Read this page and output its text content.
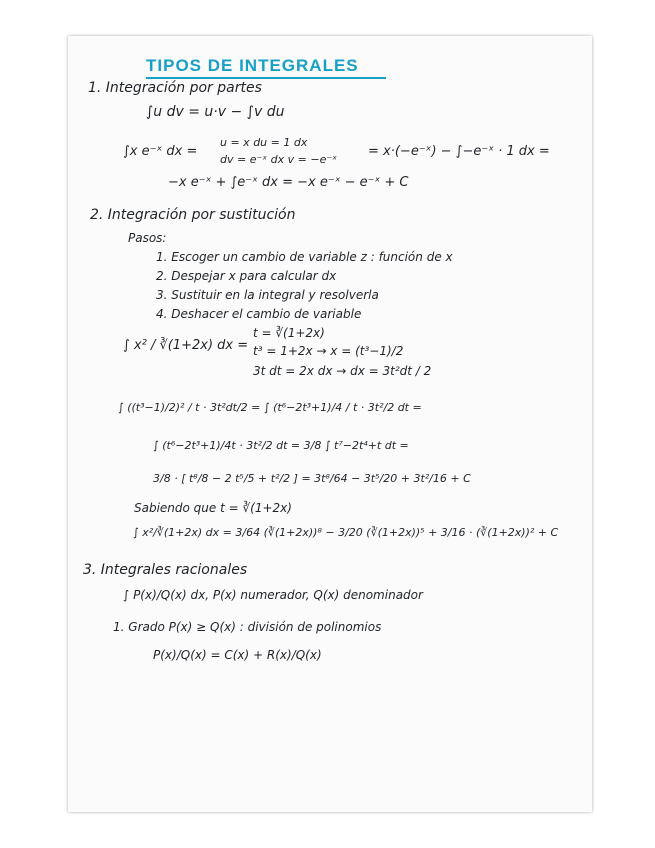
TIPOS DE INTEGRALES
1. Integración por partes
∫u dv = u·v − ∫v du
∫x e⁻ˣ dx =
u = x du = 1 dx
dv = e⁻ˣ dx v = −e⁻ˣ
= x·(−e⁻ˣ) − ∫−e⁻ˣ · 1 dx =
−x e⁻ˣ + ∫e⁻ˣ dx = −x e⁻ˣ − e⁻ˣ + C
2. Integración por sustitución
Pasos:
1. Escoger un cambio de variable z : función de x
2. Despejar x para calcular dx
3. Sustituir en la integral y resolverla
4. Deshacer el cambio de variable
∫ x² / ∛(1+2x) dx =
t = ∛(1+2x)
t³ = 1+2x → x = (t³−1)/2
3t dt = 2x dx → dx = 3t²dt / 2
∫ ((t³−1)/2)² / t · 3t²dt/2 = ∫ (t⁶−2t³+1)/4 / t · 3t²/2 dt =
∫ (t⁶−2t³+1)/4t · 3t²/2 dt = 3/8 ∫ t⁷−2t⁴+t dt =
3/8 · [ t⁸/8 − 2 t⁵/5 + t²/2 ] = 3t⁸/64 − 3t⁵/20 + 3t²/16 + C
Sabiendo que t = ∛(1+2x)
∫ x²/∛(1+2x) dx = 3/64 (∛(1+2x))⁸ − 3/20 (∛(1+2x))⁵ + 3/16 · (∛(1+2x))² + C
3. Integrales racionales
∫ P(x)/Q(x) dx, P(x) numerador, Q(x) denominador
1. Grado P(x) ≥ Q(x) : división de polinomios
P(x)/Q(x) = C(x) + R(x)/Q(x)
